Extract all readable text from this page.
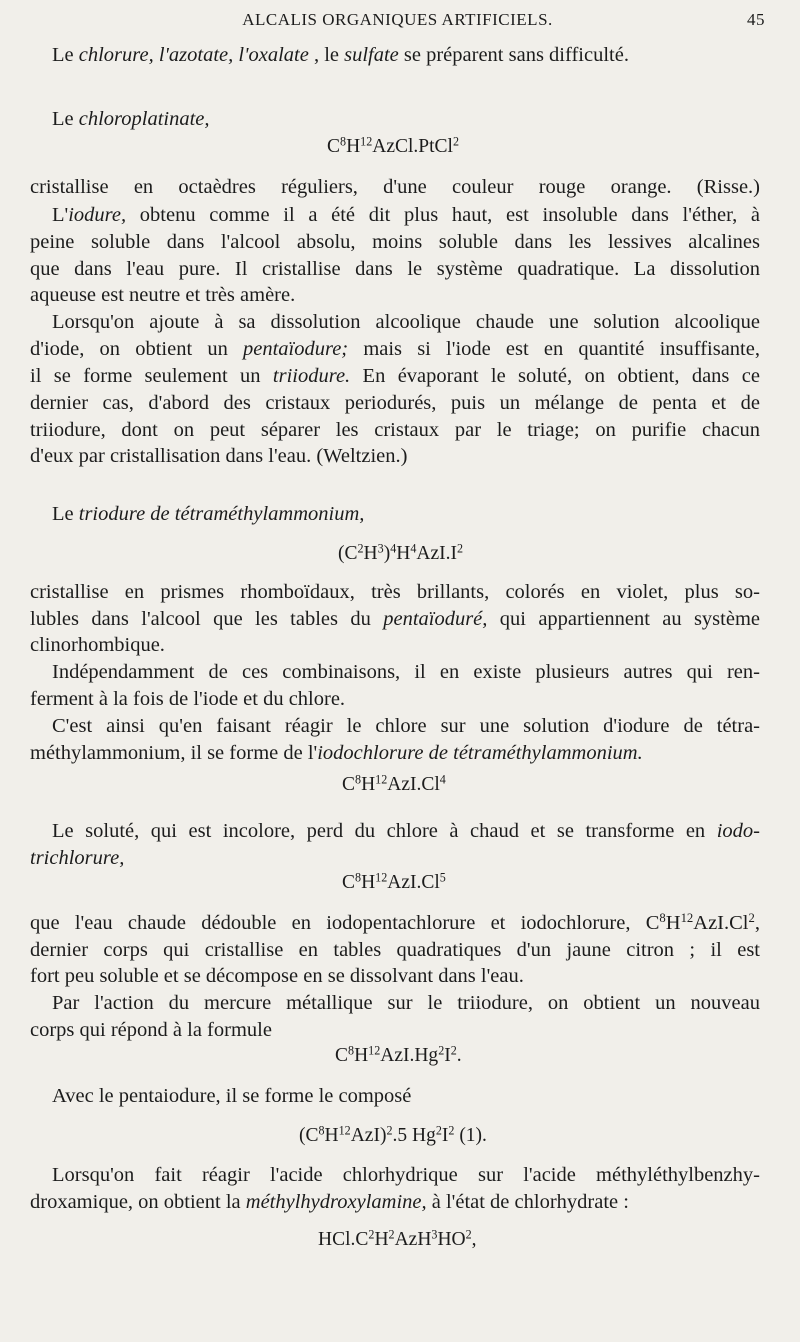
ALCALIS ORGANIQUES ARTIFICIELS.	45
Le chlorure, l'azotate, l'oxalate , le sulfate se préparent sans difficulté.
Le chloroplatinate,
$C^8H^{12}AzCl.PtCl^2$
cristallise en octaèdres réguliers, d'une couleur rouge orange. (Risse.)
L'iodure, obtenu comme il a été dit plus haut, est insoluble dans l'éther, à
peine soluble dans l'alcool absolu, moins soluble dans les lessives alcalines
que dans l'eau pure. Il cristallise dans le système quadratique. La dissolution
aqueuse est neutre et très amère.
Lorsqu'on ajoute à sa dissolution alcoolique chaude une solution alcoolique
d'iode, on obtient un pentaïodure; mais si l'iode est en quantité insuffisante,
il se forme seulement un triiodure. En évaporant le soluté, on obtient, dans ce
dernier cas, d'abord des cristaux periodurés, puis un mélange de penta et de
triiodure, dont on peut séparer les cristaux par le triage; on purifie chacun
d'eux par cristallisation dans l'eau. (Weltzien.)
Le triodure de tétraméthylammonium,
$(C^2H^3)^4H^4AzI.I^2$
cristallise en prismes rhomboïdaux, très brillants, colorés en violet, plus so-
lubles dans l'alcool que les tables du pentaïoduré, qui appartiennent au système
clinorhombique.
Indépendamment de ces combinaisons, il en existe plusieurs autres qui ren-
ferment à la fois de l'iode et du chlore.
C'est ainsi qu'en faisant réagir le chlore sur une solution d'iodure de tétra-
méthylammonium, il se forme de l'iodochlorure de tétraméthylammonium.
$C^8H^{12}AzI.Cl^4$
Le soluté, qui est incolore, perd du chlore à chaud et se transforme en iodo-
trichlorure,
$C^8H^{12}AzI.Cl^5$
que l'eau chaude dédouble en iodopentachlorure et iodochlorure, $C^8H^{12}AzI.Cl^2$,
dernier corps qui cristallise en tables quadratiques d'un jaune citron ; il est
fort peu soluble et se décompose en se dissolvant dans l'eau.
Par l'action du mercure métallique sur le triiodure, on obtient un nouveau
corps qui répond à la formule
$C^8H^{12}AzI.Hg^2I^2$.
Avec le pentaiodure, il se forme le composé
$(C^8H^{12}AzI)^2.5$ $Hg^2I^2$ (1).
Lorsqu'on fait réagir l'acide chlorhydrique sur l'acide méthyléthylbenzhy-
droxamique, on obtient la méthylhydroxylamine, à l'état de chlorhydrate :
$HCl.C^2H^2AzH^3HO^2$,
